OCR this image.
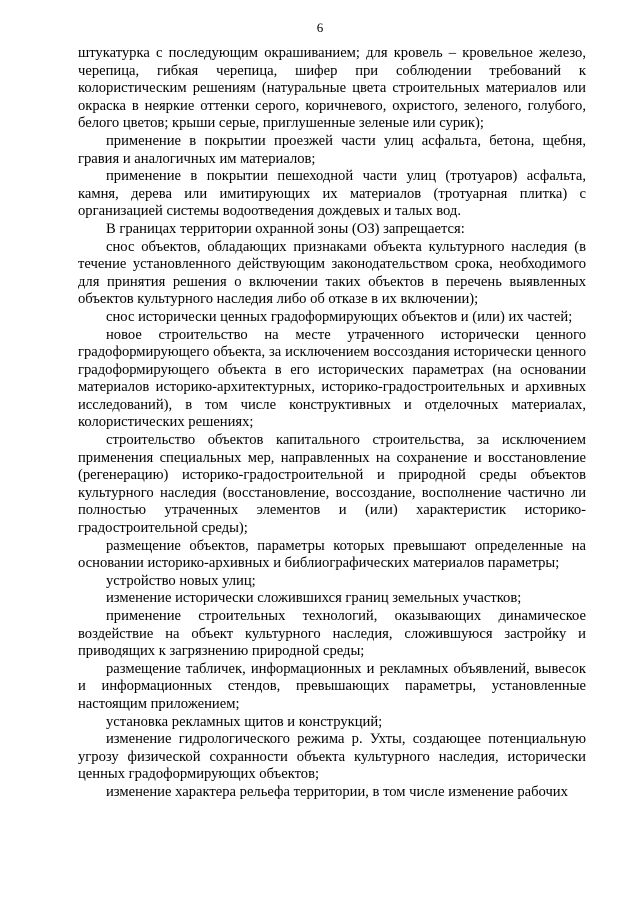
6

штукатурка с последующим окрашиванием; для кровель – кровельное железо, черепица, гибкая черепица, шифер при соблюдении требований к колористическим решениям (натуральные цвета строительных материалов или окраска в неяркие оттенки серого, коричневого, охристого, зеленого, голубого, белого цветов; крыши серые, приглушенные зеленые или сурик);

применение в покрытии проезжей части улиц асфальта, бетона, щебня, гравия и аналогичных им материалов;

применение в покрытии пешеходной части улиц (тротуаров) асфальта, камня, дерева или имитирующих их материалов (тротуарная плитка) с организацией системы водоотведения дождевых и талых вод.

В границах территории охранной зоны (ОЗ) запрещается:

снос объектов, обладающих признаками объекта культурного наследия (в течение установленного действующим законодательством срока, необходимого для принятия решения о включении таких объектов в перечень выявленных объектов культурного наследия либо об отказе в их включении);

снос исторически ценных градоформирующих объектов и (или) их частей;

новое строительство на месте утраченного исторически ценного градоформирующего объекта, за исключением воссоздания исторически ценного градоформирующего объекта в его исторических параметрах (на основании материалов историко-архитектурных, историко-градостроительных и архивных исследований), в том числе конструктивных и отделочных материалах, колористических решениях;

строительство объектов капитального строительства, за исключением применения специальных мер, направленных на сохранение и восстановление (регенерацию) историко-градостроительной и природной среды объектов культурного наследия (восстановление, воссоздание, восполнение частично ли полностью утраченных элементов и (или) характеристик историко-градостроительной среды);

размещение объектов, параметры которых превышают определенные на основании историко-архивных и библиографических материалов параметры;

устройство новых улиц;

изменение исторически сложившихся границ земельных участков;

применение строительных технологий, оказывающих динамическое воздействие на объект культурного наследия, сложившуюся застройку и приводящих к загрязнению природной среды;

размещение табличек, информационных и рекламных объявлений, вывесок и информационных стендов, превышающих параметры, установленные настоящим приложением;

установка рекламных щитов и конструкций;

изменение гидрологического режима р. Ухты, создающее потенциальную угрозу физической сохранности объекта культурного наследия, исторически ценных градоформирующих объектов;

изменение характера рельефа территории, в том числе изменение рабочих
